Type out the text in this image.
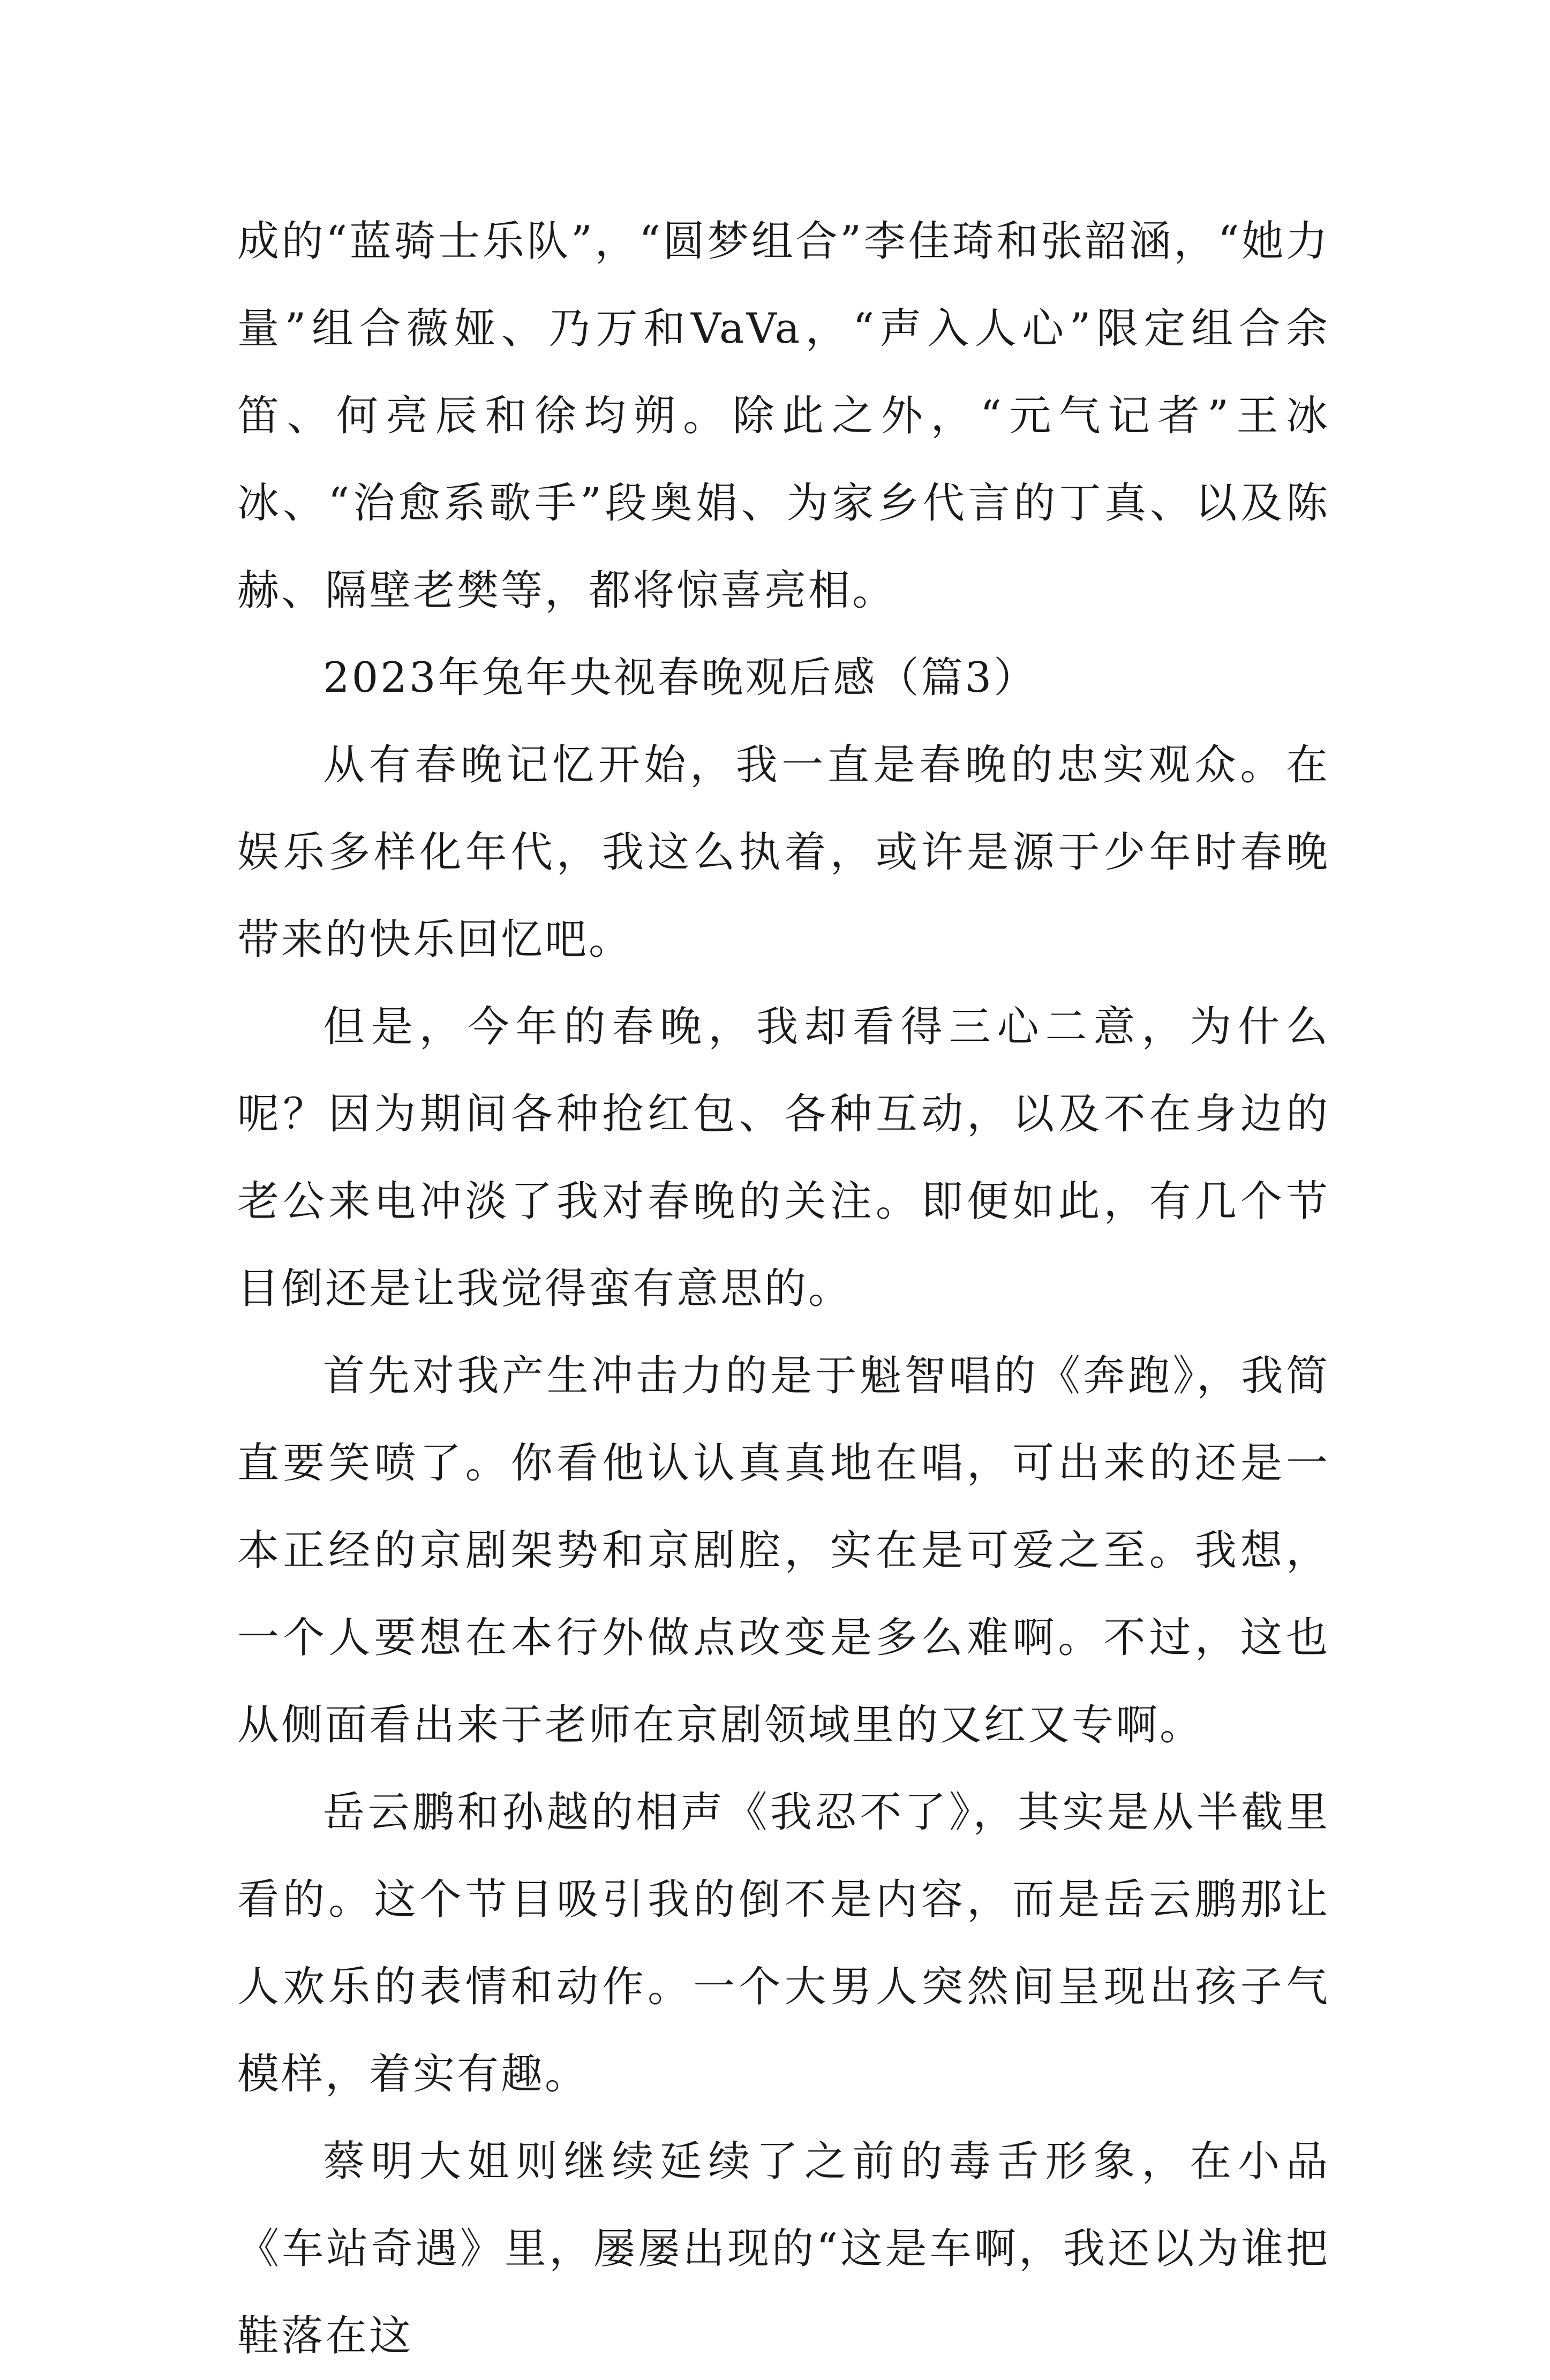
成的“蓝骑士乐队”，“圆梦组合”李佳琦和张韶涵，“她力量”组合薇娅、乃万和VaVa，“声入人心”限定组合余笛、何亮辰和徐均朔。除此之外，“元气记者”王冰冰、“治愈系歌手”段奥娟、为家乡代言的丁真、以及陈赫、隔壁老樊等，都将惊喜亮相。

2023年兔年央视春晚观后感（篇3）

从有春晚记忆开始，我一直是春晚的忠实观众。在娱乐多样化年代，我这么执着，或许是源于少年时春晚带来的快乐回忆吧。

但是，今年的春晚，我却看得三心二意，为什么呢？因为期间各种抢红包、各种互动，以及不在身边的老公来电冲淡了我对春晚的关注。即便如此，有几个节目倒还是让我觉得蛮有意思的。

首先对我产生冲击力的是于魁智唱的《奔跑》，我简直要笑喷了。你看他认认真真地在唱，可出来的还是一本正经的京剧架势和京剧腔，实在是可爱之至。我想，一个人要想在本行外做点改变是多么难啊。不过，这也从侧面看出来于老师在京剧领域里的又红又专啊。

岳云鹏和孙越的相声《我忍不了》，其实是从半截里看的。这个节目吸引我的倒不是内容，而是岳云鹏那让人欢乐的表情和动作。一个大男人突然间呈现出孩子气模样，着实有趣。

蔡明大姐则继续延续了之前的毒舌形象，在小品《车站奇遇》里，屡屡出现的“这是车啊，我还以为谁把鞋落在这
